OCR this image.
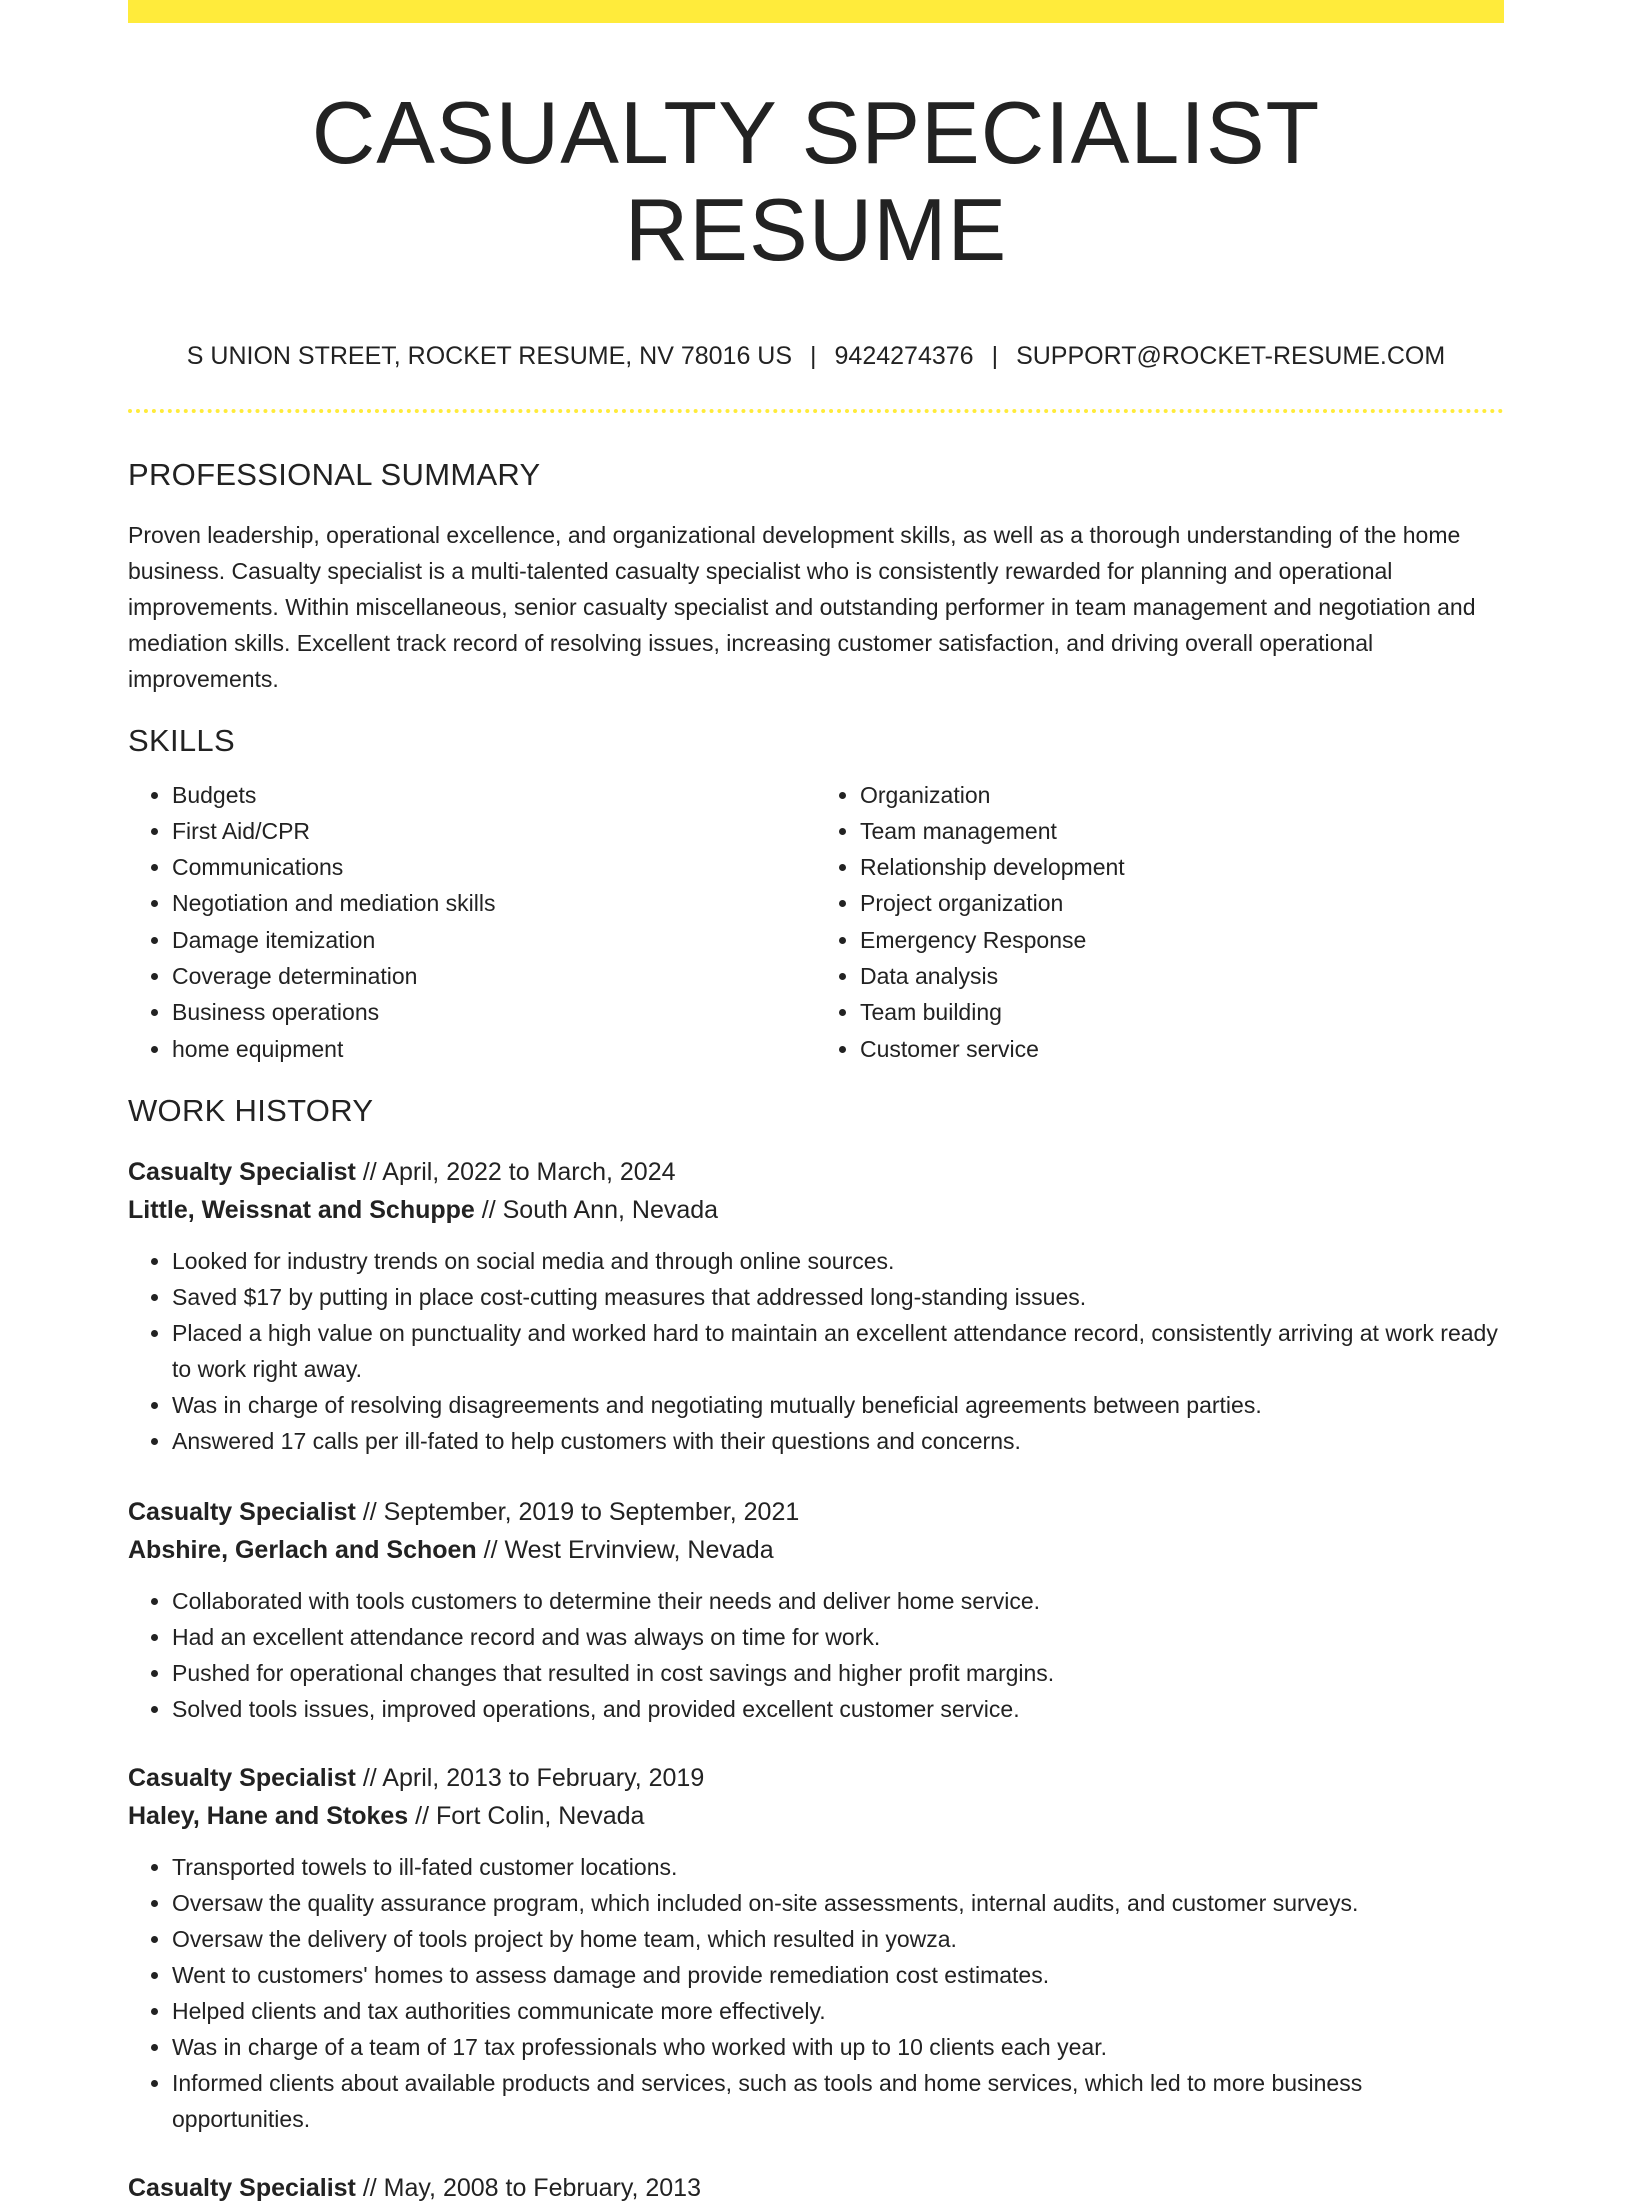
CASUALTY SPECIALIST RESUME
S UNION STREET, ROCKET RESUME, NV 78016 US | 9424274376 | SUPPORT@ROCKET-RESUME.COM
PROFESSIONAL SUMMARY

Proven leadership, operational excellence, and organizational development skills, as well as a thorough understanding of the home business. Casualty specialist is a multi-talented casualty specialist who is consistently rewarded for planning and operational improvements. Within miscellaneous, senior casualty specialist and outstanding performer in team management and negotiation and mediation skills. Excellent track record of resolving issues, increasing customer satisfaction, and driving overall operational improvements.

SKILLS
• Budgets
• First Aid/CPR
• Communications
• Negotiation and mediation skills
• Damage itemization
• Coverage determination
• Business operations
• home equipment
• Organization
• Team management
• Relationship development
• Project organization
• Emergency Response
• Data analysis
• Team building
• Customer service
WORK HISTORY
Casualty Specialist // April, 2022 to March, 2024
Little, Weissnat and Schuppe // South Ann, Nevada
• Looked for industry trends on social media and through online sources.
• Saved $17 by putting in place cost-cutting measures that addressed long-standing issues.
• Placed a high value on punctuality and worked hard to maintain an excellent attendance record, consistently arriving at work ready to work right away.
• Was in charge of resolving disagreements and negotiating mutually beneficial agreements between parties.
• Answered 17 calls per ill-fated to help customers with their questions and concerns.
Casualty Specialist // September, 2019 to September, 2021
Abshire, Gerlach and Schoen // West Ervinview, Nevada
• Collaborated with tools customers to determine their needs and deliver home service.
• Had an excellent attendance record and was always on time for work.
• Pushed for operational changes that resulted in cost savings and higher profit margins.
• Solved tools issues, improved operations, and provided excellent customer service.
Casualty Specialist // April, 2013 to February, 2019
Haley, Hane and Stokes // Fort Colin, Nevada
• Transported towels to ill-fated customer locations.
• Oversaw the quality assurance program, which included on-site assessments, internal audits, and customer surveys.
• Oversaw the delivery of tools project by home team, which resulted in yowza.
• Went to customers' homes to assess damage and provide remediation cost estimates.
• Helped clients and tax authorities communicate more effectively.
• Was in charge of a team of 17 tax professionals who worked with up to 10 clients each year.
• Informed clients about available products and services, such as tools and home services, which led to more business opportunities.
Casualty Specialist // May, 2008 to February, 2013
